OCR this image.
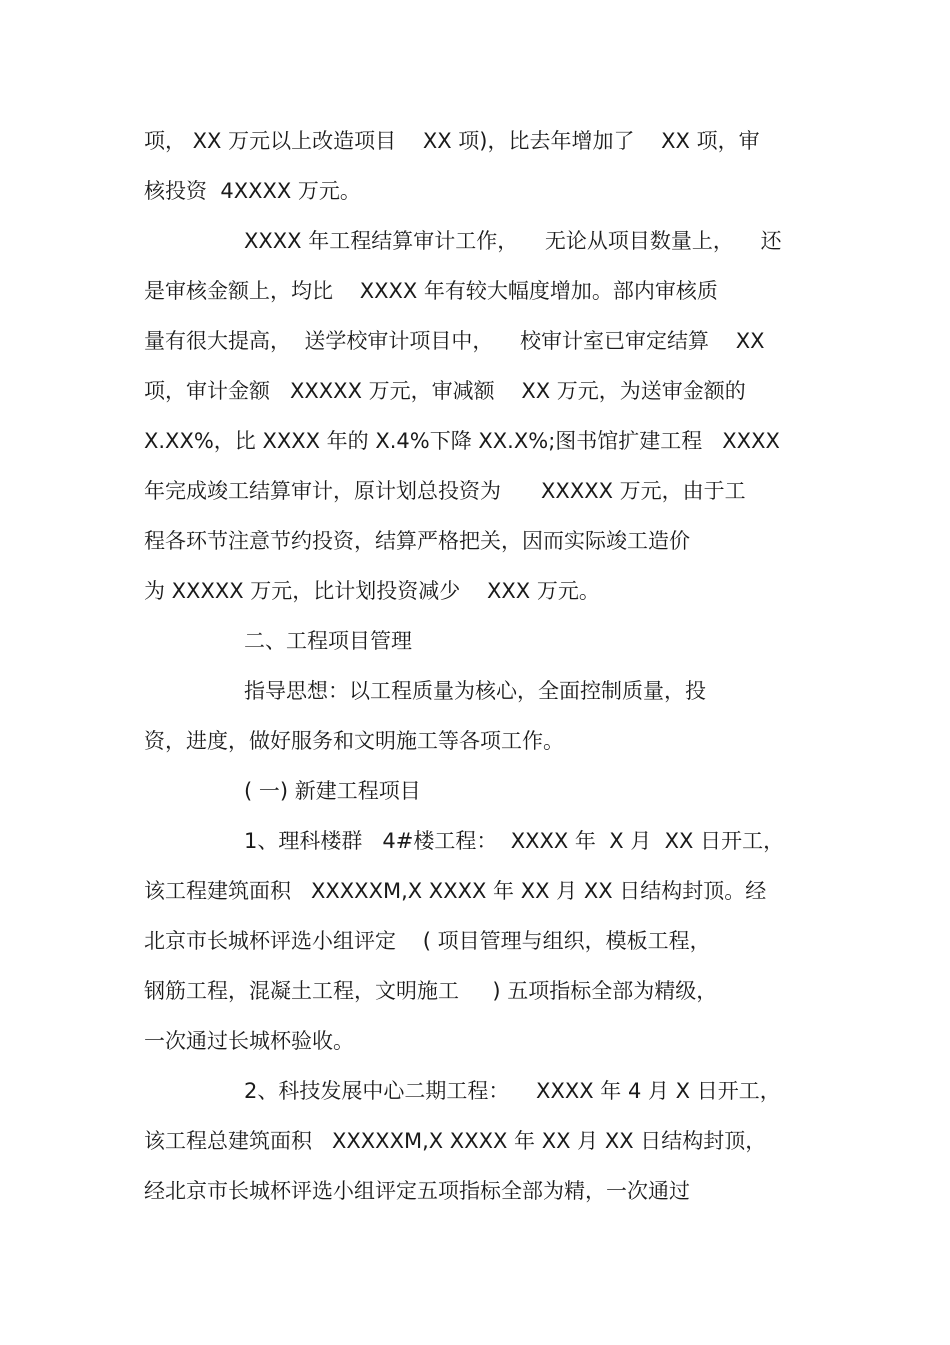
项， XX 万元以上改造项目    XX 项)，比去年增加了    XX 项，审
核投资  4XXXX 万元。
XXXX 年工程结算审计工作，    无论从项目数量上，    还
是审核金额上，均比    XXXX 年有较大幅度增加。部内审核质
量有很大提高，  送学校审计项目中，    校审计室已审定结算    XX
项，审计金额   XXXXX 万元，审减额    XX 万元，为送审金额的
X.XX%，比 XXXX 年的 X.4%下降 XX.X%;图书馆扩建工程   XXXX
年完成竣工结算审计，原计划总投资为      XXXXX 万元，由于工
程各环节注意节约投资，结算严格把关，因而实际竣工造价
为 XXXXX 万元，比计划投资减少    XXX 万元。
二、工程项目管理
指导思想：以工程质量为核心，全面控制质量，投
资，进度，做好服务和文明施工等各项工作。
( 一) 新建工程项目
1、理科楼群   4#楼工程：  XXXX 年  X 月  XX 日开工，
该工程建筑面积   XXXXXM,X XXXX 年 XX 月 XX 日结构封顶。经
北京市长城杯评选小组评定    ( 项目管理与组织，模板工程，
钢筋工程，混凝土工程，文明施工     ) 五项指标全部为精级，
一次通过长城杯验收。
2、科技发展中心二期工程：    XXXX 年 4 月 X 日开工，
该工程总建筑面积   XXXXXM,X XXXX 年 XX 月 XX 日结构封顶，
经北京市长城杯评选小组评定五项指标全部为精，一次通过
